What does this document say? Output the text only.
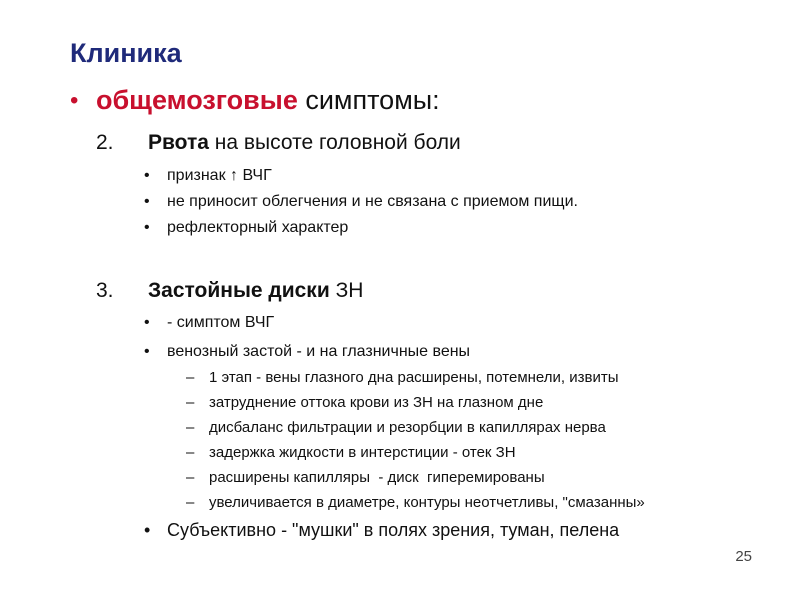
Клиника
• общемозговые симптомы:
2.	Рвота на высоте головной боли
•	признак ↑ ВЧГ
•	не приносит облегчения и не связана с приемом пищи.
•	рефлекторный характер
3.	Застойные диски ЗН
•	- симптом ВЧГ
•	венозный застой - и на глазничные вены
– 1 этап - вены глазного дна расширены, потемнели, извиты
– затруднение оттока крови из ЗН на глазном дне
– дисбаланс фильтрации и резорбции в капиллярах нерва
– задержка жидкости в интерстиции - отек ЗН
– расширены капилляры  - диск  гиперемированы
– увеличивается в диаметре, контуры неотчетливы, "смазанны»
• Субъективно - "мушки" в полях зрения, туман, пелена
25
